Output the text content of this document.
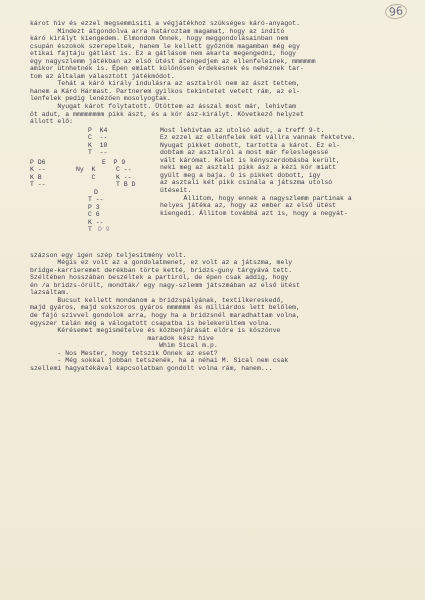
96
károt hiv és ezzel megsemmisiti a végjátékhoz szükséges káró-anyagot.
Mindezt átgondolva arra határoztam magamat, hogy az inditó
káró királyt kiengedem. Elmondom Önnek, hogy meggondolásainban nem
csupán észokok szerepeltek, hanem le kellett győznöm magamban még egy
etikai fajtáju gátlást is. Ez a gátlásom nem akarta megengedni, hogy
egy nagyszlemm játékban az első ütést átengedjem az ellenfeleinek, mmmmmm
amikor ütnhetnék is. Épen emiatt különösen érdekesnek és nehéznek tar-
tom az általam választott játékmódot.
Tehát a káró király indulásra az asztalról nem az ászt tettem,
hanem a Káró Hármast. Partnerem gyilkos tekintetet vetett rám, az el-
lenfelek pedig lenézően mosolyogtak.
Nyugat károt folytatott. Ütöttem az ásszal most már, lehivtam
öt adut, a mmmmmmmm pikk ászt, és a kör ász-királyt. Következő helyzet
állott elő:
P  K4
C  --
K  10
T  --
P D6
K --
K B
T --
Ny  K
C
E  P 9
C --
K --
T B D
D
T --
P 3
C 6
K --
T
Dˈ9
Most lehivtam az utolsó adut, a treff 9-t.
Ez ezzel az ellenfelek két vállra vannak fektetve.
Nyugat pikket dobott, tartotta a károt. Ez el-
dobtam az asztalról a most már feleslegessé
vált kárómat. Kelet is kényszerdobásba került,
neki meg az asztali pikk ász a kézi kör miatt
gyült meg a baja. O is pikket dobott, igy
az asztali két pikk csinála a játszma utolsó
ütéseit.
Állitom, hogy ennek a nagyszlemm partinak a
helyes játéka az, hogy az ember az első ütést
kiengedi. Állitom továbbá azt is, hogy a negyát-
százson egy igen szép teljesitmény volt.
Mégis ez volt az a gondolatmenet, ez volt az a játszma, mely
bridge-karrieremet derékban törte ketté, bridzs-guny tárgyává tett.
Széltében hosszában beszéltek a partiról, de épen csak addig, hogy
én /a bridzs-örült, mondták/ egy nagy-szlemm játszmában az első ütést
lazsáltam.
Bucsut kellett mondanom a bridzspályának, textilkereskedő,
majd gyáros, majd sokszoros gyáros mmmmmm és milliárdos lett belőlem,
de fájó szivvel gondolok arra, hogy ha a bridzsnél maradhattam volna,
egyszer talán még a válogatott csapatba is belekerültem volna.
Kérésemet megismételve és közbenjárását előre is köszönve
maradok kész hive
Whim Sical m.p.
- Nos Mester, hogy tetszik Önnek az eset?
- Még sokkal jobban tetszenék, ha a néhai M. Sical nem csak
szellemi hagyatékával kapcsolatban gondolt volna rám, hanem...
